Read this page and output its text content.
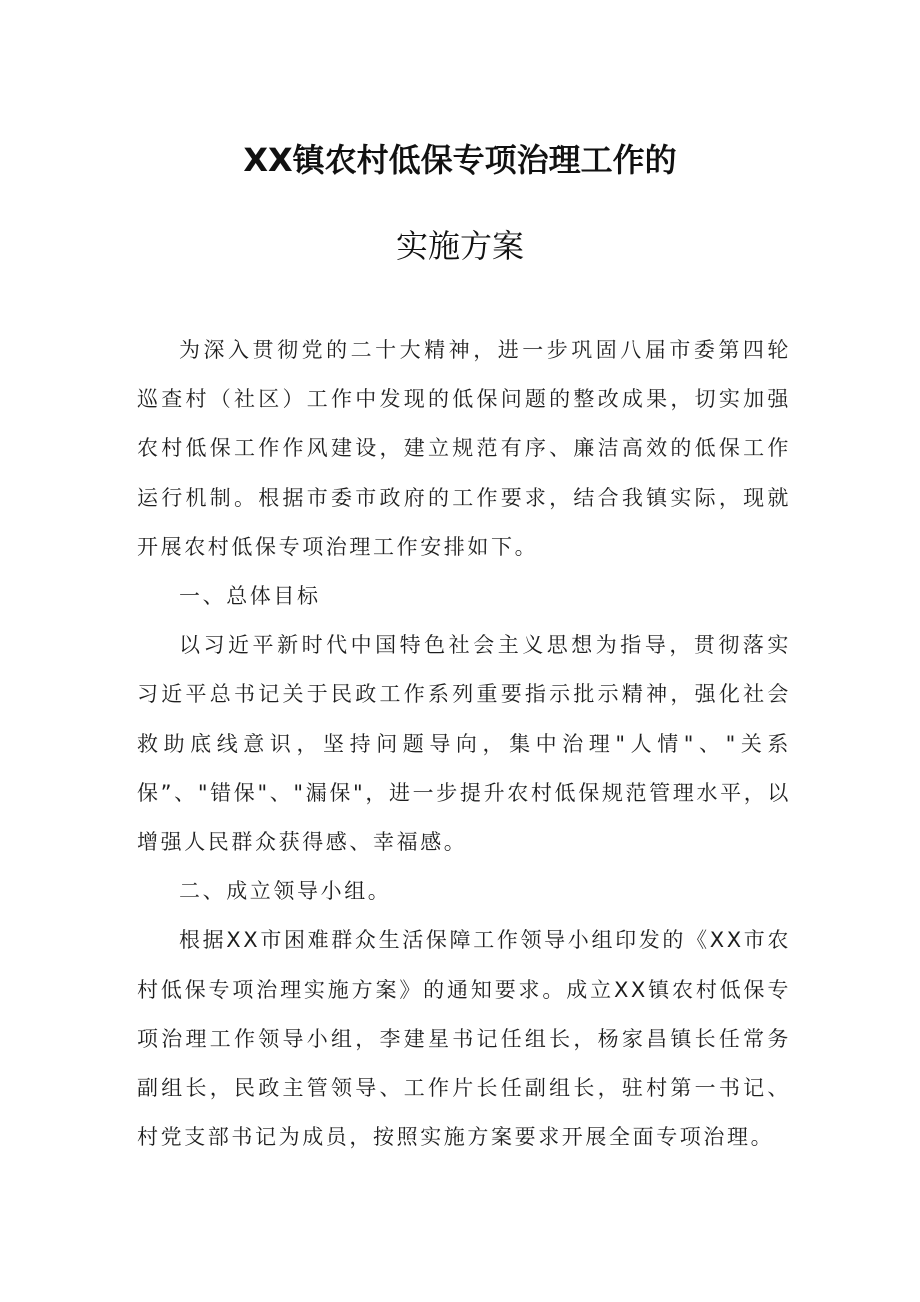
XX镇农村低保专项治理工作的
实施方案

为深入贯彻党的二十大精神，进一步巩固八届市委第四轮巡查村（社区）工作中发现的低保问题的整改成果，切实加强农村低保工作作风建设，建立规范有序、廉洁高效的低保工作运行机制。根据市委市政府的工作要求，结合我镇实际，现就开展农村低保专项治理工作安排如下。

一、总体目标

以习近平新时代中国特色社会主义思想为指导，贯彻落实习近平总书记关于民政工作系列重要指示批示精神，强化社会救助底线意识，坚持问题导向，集中治理"人情"、"关系保”、"错保"、"漏保"，进一步提升农村低保规范管理水平，以增强人民群众获得感、幸福感。

二、成立领导小组。

根据XX市困难群众生活保障工作领导小组印发的《XX市农村低保专项治理实施方案》的通知要求。成立XX镇农村低保专项治理工作领导小组，李建星书记任组长，杨家昌镇长任常务副组长，民政主管领导、工作片长任副组长，驻村第一书记、村党支部书记为成员，按照实施方案要求开展全面专项治理。
